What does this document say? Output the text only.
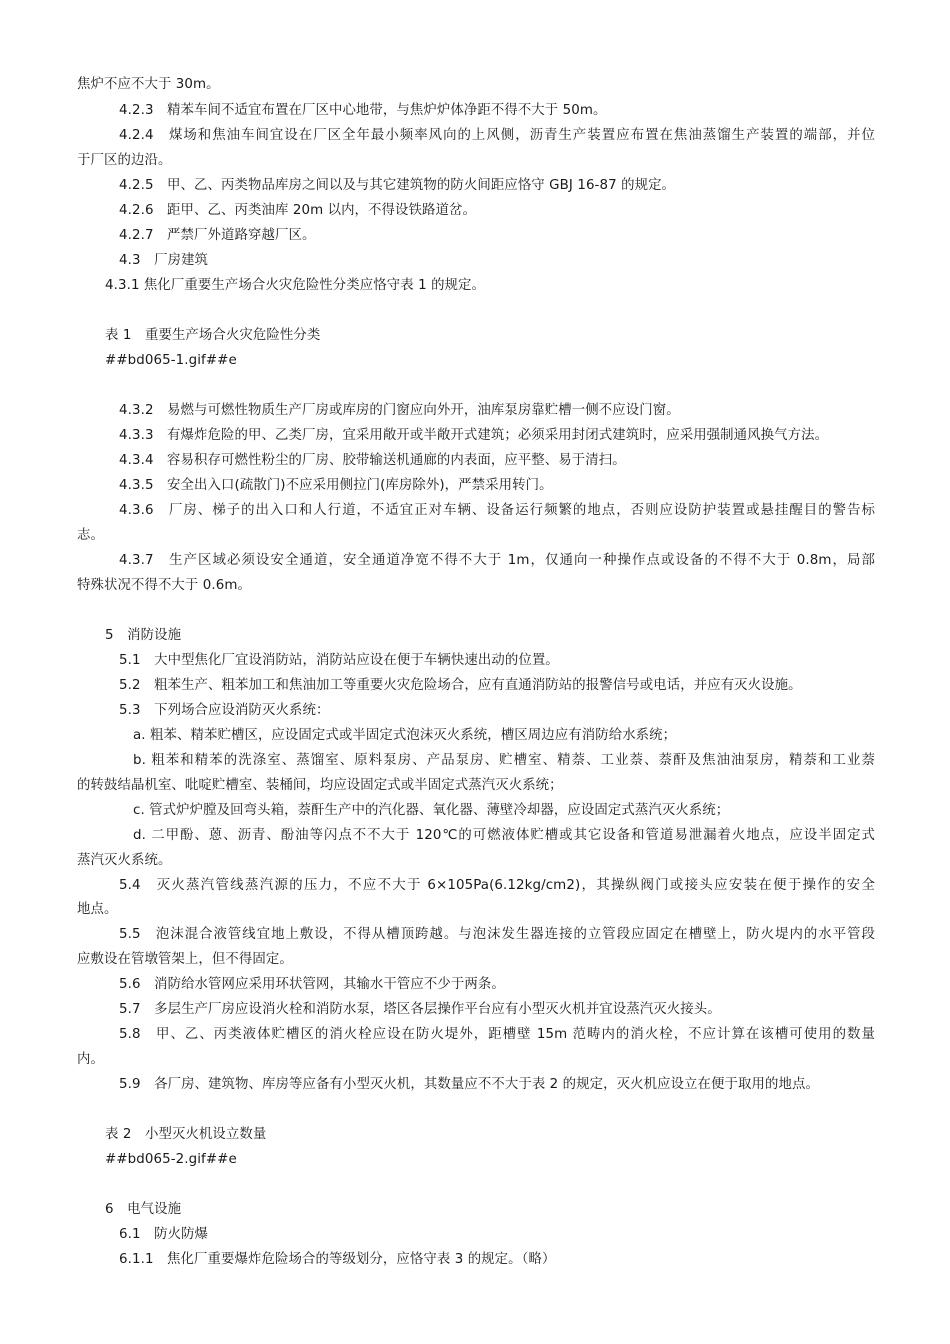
焦炉不应不大于 30m。
4.2.3　精苯车间不适宜布置在厂区中心地带，与焦炉炉体净距不得不大于 50m。
4.2.4　煤场和焦油车间宜设在厂区全年最小频率风向的上风侧，沥青生产装置应布置在焦油蒸馏生产装置的端部，并位
于厂区的边沿。
4.2.5　甲、乙、丙类物品库房之间以及与其它建筑物的防火间距应恪守 GBJ 16-87 的规定。
4.2.6　距甲、乙、丙类油库 20m 以内，不得设铁路道岔。
4.2.7　严禁厂外道路穿越厂区。
4.3　厂房建筑
4.3.1 焦化厂重要生产场合火灾危险性分类应恪守表 1 的规定。
表 1　重要生产场合火灾危险性分类
##bd065-1.gif##e
4.3.2　易燃与可燃性物质生产厂房或库房的门窗应向外开，油库泵房靠贮槽一侧不应设门窗。
4.3.3　有爆炸危险的甲、乙类厂房，宜采用敞开或半敞开式建筑；必须采用封闭式建筑时，应采用强制通风换气方法。
4.3.4　容易积存可燃性粉尘的厂房、胶带输送机通廊的内表面，应平整、易于清扫。
4.3.5　安全出入口(疏散门)不应采用侧拉门(库房除外)，严禁采用转门。
4.3.6　厂房、梯子的出入口和人行道，不适宜正对车辆、设备运行频繁的地点，否则应设防护装置或悬挂醒目的警告标
志。
4.3.7　生产区域必须设安全通道，安全通道净宽不得不大于 1m，仅通向一种操作点或设备的不得不大于 0.8m，局部
特殊状况不得不大于 0.6m。
5　消防设施
5.1　大中型焦化厂宜设消防站，消防站应设在便于车辆快速出动的位置。
5.2　粗苯生产、粗苯加工和焦油加工等重要火灾危险场合，应有直通消防站的报警信号或电话，并应有灭火设施。
5.3　下列场合应设消防灭火系统：
a. 粗苯、精苯贮槽区，应设固定式或半固定式泡沫灭火系统，槽区周边应有消防给水系统；
b. 粗苯和精苯的洗涤室、蒸馏室、原料泵房、产品泵房、贮槽室、精萘、工业萘、萘酐及焦油油泵房，精萘和工业萘
的转鼓结晶机室、吡啶贮槽室、装桶间，均应设固定式或半固定式蒸汽灭火系统；
c. 管式炉炉膛及回弯头箱，萘酐生产中的汽化器、氧化器、薄壁冷却器，应设固定式蒸汽灭火系统；
d. 二甲酚、蒽、沥青、酚油等闪点不不大于 120℃的可燃液体贮槽或其它设备和管道易泄漏着火地点，应设半固定式
蒸汽灭火系统。
5.4　灭火蒸汽管线蒸汽源的压力，不应不大于 6×105Pa(6.12kg/cm2)，其操纵阀门或接头应安装在便于操作的安全
地点。
5.5　泡沫混合液管线宜地上敷设，不得从槽顶跨越。与泡沫发生器连接的立管段应固定在槽壁上，防火堤内的水平管段
应敷设在管墩管架上，但不得固定。
5.6　消防给水管网应采用环状管网，其输水干管应不少于两条。
5.7　多层生产厂房应设消火栓和消防水泵，塔区各层操作平台应有小型灭火机并宜设蒸汽灭火接头。
5.8　甲、乙、丙类液体贮槽区的消火栓应设在防火堤外，距槽壁 15m 范畴内的消火栓，不应计算在该槽可使用的数量
内。
5.9　各厂房、建筑物、库房等应备有小型灭火机，其数量应不不大于表 2 的规定，灭火机应设立在便于取用的地点。
表 2　小型灭火机设立数量
##bd065-2.gif##e
6　电气设施
6.1　防火防爆
6.1.1　焦化厂重要爆炸危险场合的等级划分，应恪守表 3 的规定。（略）
